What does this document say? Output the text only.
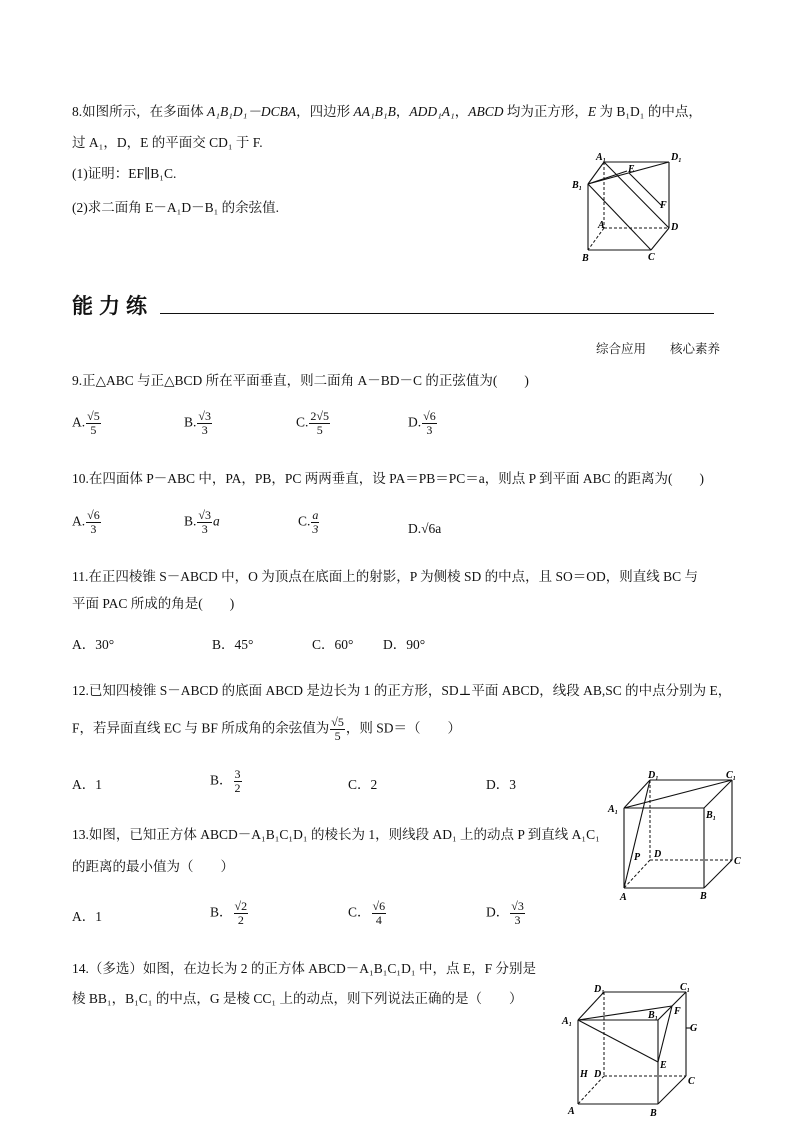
8.如图所示，在多面体 A₁B₁D₁－DCBA，四边形 AA₁B₁B，ADD₁A₁，ABCD 均为正方形，E 为 B₁D₁ 的中点，
过 A₁，D，E 的平面交 CD₁ 于 F.
(1)证明：EF∥B₁C.
(2)求二面角 E－A₁D－B₁ 的余弦值.
A₁	D₁
E
B₁
F
A	D
B	C
能力练
综合应用 核心素养
9.正△ABC 与正△BCD 所在平面垂直，则二面角 A－BD－C 的正弦值为(　　)
A. $\frac{√5}{5}$	B. $\frac{√3}{3}$	C. $\frac{2√5}{5}$	D. $\frac{√6}{3}$
10.在四面体 P－ABC 中，PA，PB，PC 两两垂直，设 PA＝PB＝PC＝a，则点 P 到平面 ABC 的距离为(　　)
A. $\frac{√6}{3}$	B. $\frac{√3}{3}$ a	C. $\frac{a}{3}$	D.√6a
11.在正四棱锥 S－ABCD 中，O 为顶点在底面上的射影，P 为侧棱 SD 的中点，且 SO＝OD，则直线 BC 与
平面 PAC 所成的角是(　　)
A．30°	B．45°	C．60° D．90°
12.已知四棱锥 S－ABCD 的底面 ABCD 是边长为 1 的正方形，SD⊥平面 ABCD，线段 AB,SC 的中点分别为 E，
F，若异面直线 EC 与 BF 所成角的余弦值为 $\frac{√5}{5}$ ，则 SD＝（　　）
A．1	B． $\frac{3}{2}$	C．2	D．3
D₁	C₁
A₁
B₁
P D
C
A	B
13.如图，已知正方体 ABCD－A₁B₁C₁D₁ 的棱长为 1，则线段 AD₁ 上的动点 P 到直线 A₁C₁
的距离的最小值为（　　）
A．1	B． $\frac{√2}{2}$	C． $\frac{√6}{4}$	D． $\frac{√3}{3}$
14.（多选）如图，在边长为 2 的正方体 ABCD－A₁B₁C₁D₁ 中，点 E，F 分别是
棱 BB₁，B₁C₁ 的中点，G 是棱 CC₁ 上的动点，则下列说法正确的是（　　）
D₁	C₁
A₁
B₁ F
G
E
H D
C
A	B
